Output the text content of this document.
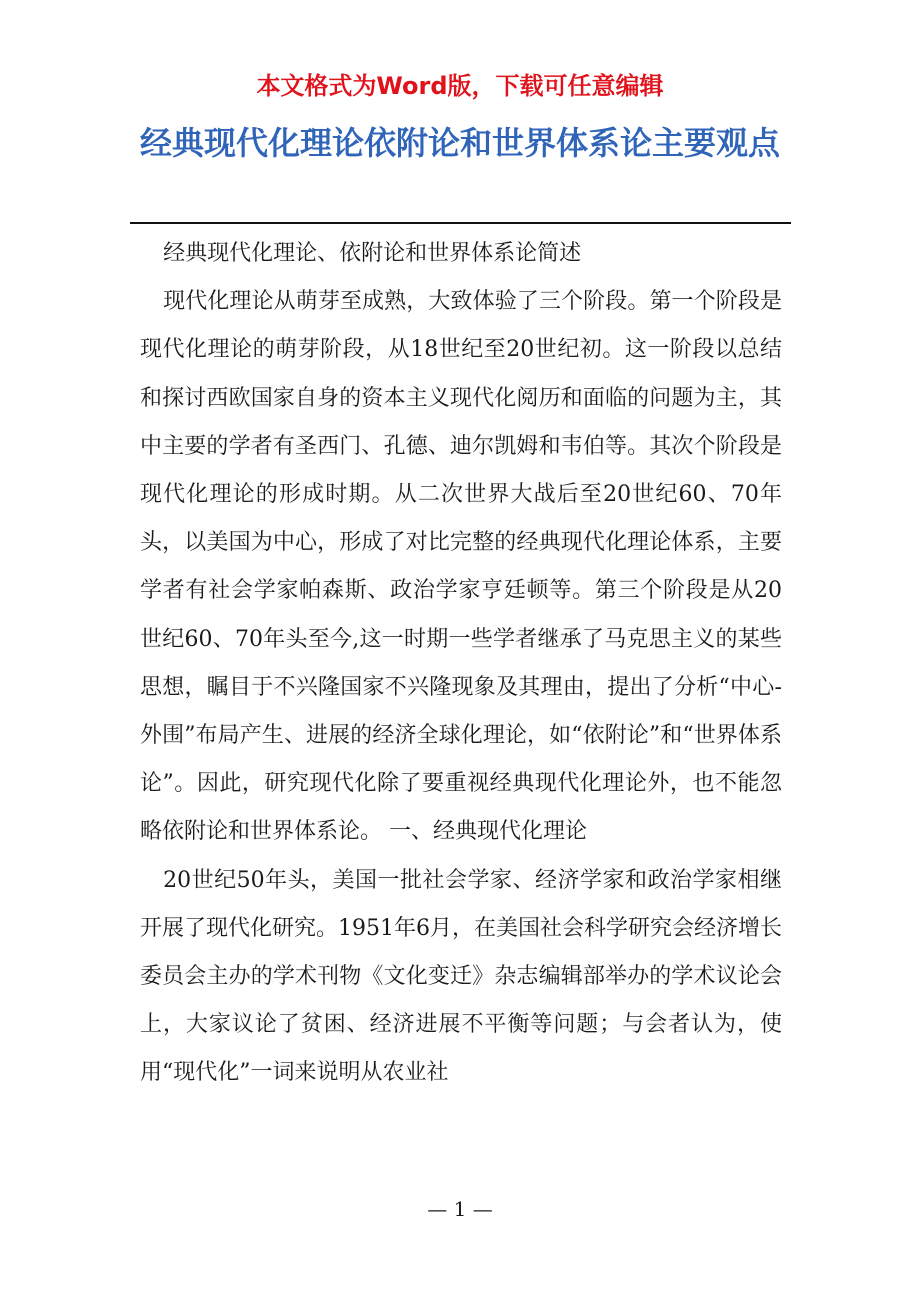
本文格式为Word版，下载可任意编辑
经典现代化理论依附论和世界体系论主要观点

经典现代化理论、依附论和世界体系论简述

现代化理论从萌芽至成熟，大致体验了三个阶段。第一个阶段是现代化理论的萌芽阶段，从18世纪至20世纪初。这一阶段以总结和探讨西欧国家自身的资本主义现代化阅历和面临的问题为主，其中主要的学者有圣西门、孔德、迪尔凯姆和韦伯等。其次个阶段是现代化理论的形成时期。从二次世界大战后至20世纪60、70年头，以美国为中心，形成了对比完整的经典现代化理论体系，主要学者有社会学家帕森斯、政治学家亨廷顿等。第三个阶段是从20世纪60、70年头至今,这一时期一些学者继承了马克思主义的某些思想，瞩目于不兴隆国家不兴隆现象及其理由，提出了分析“中心-外围”布局产生、进展的经济全球化理论，如“依附论”和“世界体系论”。因此，研究现代化除了要重视经典现代化理论外，也不能忽略依附论和世界体系论。 一、经典现代化理论

20世纪50年头，美国一批社会学家、经济学家和政治学家相继开展了现代化研究。1951年6月，在美国社会科学研究会经济增长委员会主办的学术刊物《文化变迁》杂志编辑部举办的学术议论会上，大家议论了贫困、经济进展不平衡等问题；与会者认为，使用“现代化”一词来说明从农业社

— 1 —
